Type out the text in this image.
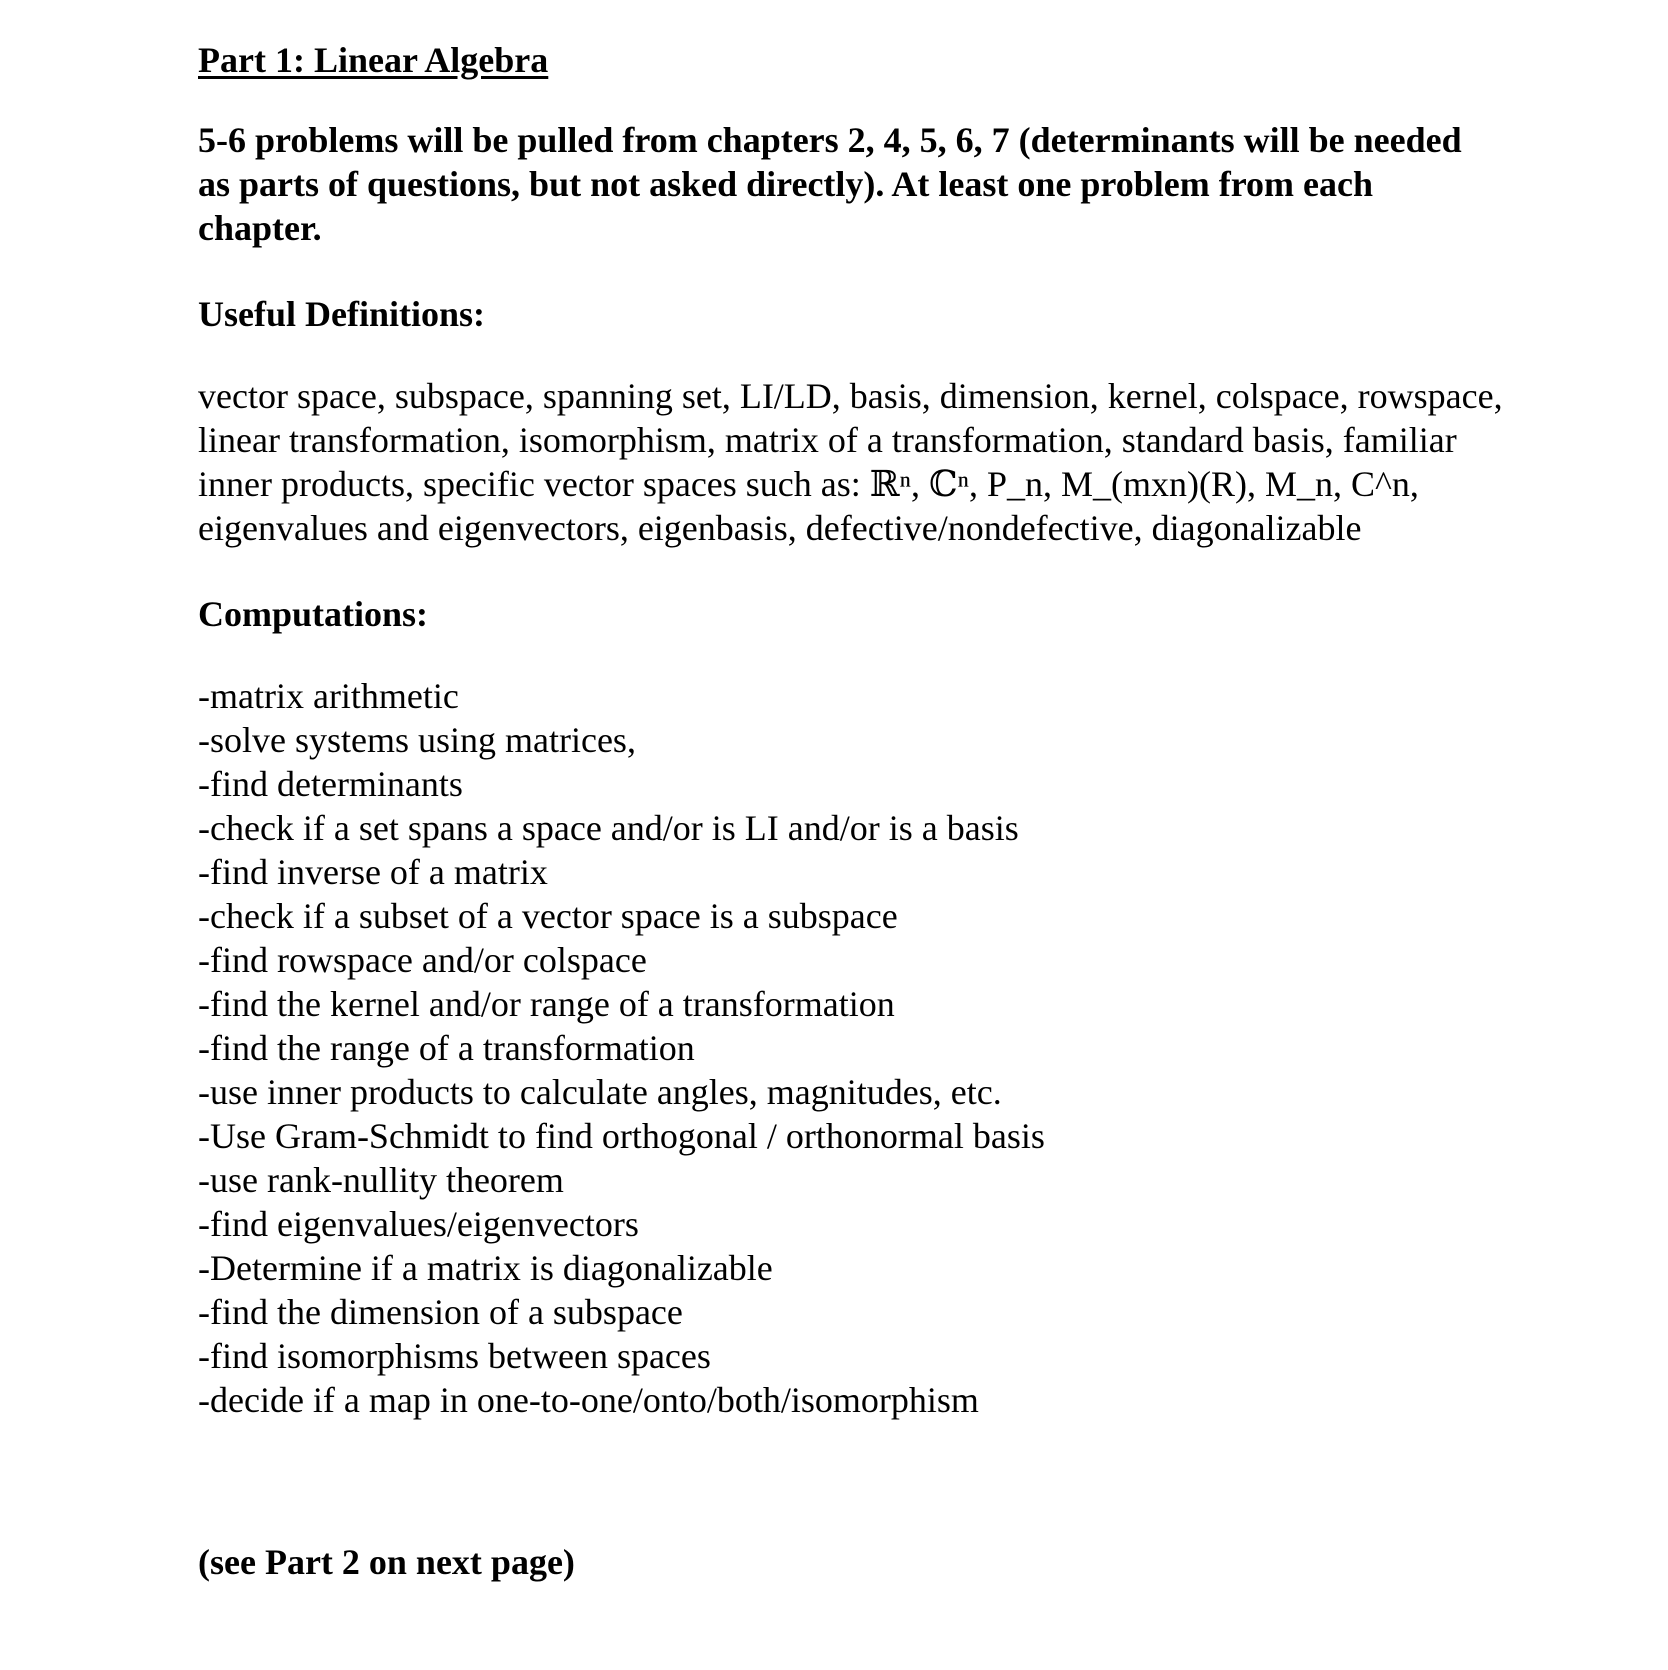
Part 1: Linear Algebra
5-6 problems will be pulled from chapters 2, 4, 5, 6, 7 (determinants will be needed as parts of questions, but not asked directly). At least one problem from each chapter.
Useful Definitions:
vector space, subspace, spanning set, LI/LD, basis, dimension, kernel, colspace, rowspace, linear transformation, isomorphism, matrix of a transformation, standard basis, familiar inner products, specific vector spaces such as: ℝⁿ, ℂⁿ, P_n, M_(mxn)(R), M_n, C^n, eigenvalues and eigenvectors, eigenbasis, defective/nondefective, diagonalizable
Computations:
-matrix arithmetic
-solve systems using matrices,
-find determinants
-check if a set spans a space and/or is LI and/or is a basis
-find inverse of a matrix
-check if a subset of a vector space is a subspace
-find rowspace and/or colspace
-find the kernel and/or range of a transformation
-find the range of a transformation
-use inner products to calculate angles, magnitudes, etc.
-Use Gram-Schmidt to find orthogonal / orthonormal basis
-use rank-nullity theorem
-find eigenvalues/eigenvectors
-Determine if a matrix is diagonalizable
-find the dimension of a subspace
-find isomorphisms between spaces
-decide if a map in one-to-one/onto/both/isomorphism
(see Part 2 on next page)
